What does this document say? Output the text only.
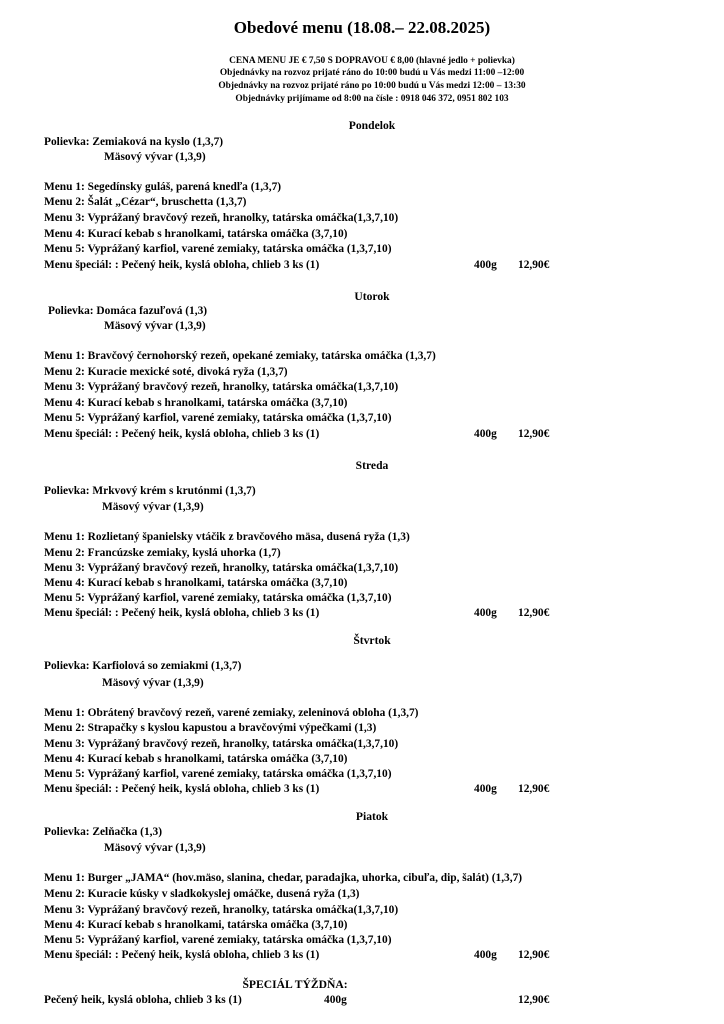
Obedové menu (18.08.– 22.08.2025)
CENA MENU JE € 7,50 S DOPRAVOU € 8,00 (hlavné jedlo + polievka)
Objednávky na rozvoz prijaté ráno do 10:00 budú u Vás medzi 11:00 –12:00
Objednávky na rozvoz prijaté ráno po 10:00 budú u Vás medzi 12:00 – 13:30
Objednávky prijímame od 8:00 na čísle : 0918 046 372, 0951 802 103
Pondelok
Polievka: Zemiaková na kyslo (1,3,7)
Mäsový vývar (1,3,9)
Menu 1: Segedínsky guláš, parená knedľa (1,3,7)
Menu 2: Šalát „Cézar“, bruschetta (1,3,7)
Menu 3: Vyprážaný bravčový rezeň, hranolky, tatárska omáčka(1,3,7,10)
Menu 4: Kurací kebab s hranolkami, tatárska omáčka (3,7,10)
Menu 5: Vyprážaný karfiol, varené zemiaky, tatárska omáčka (1,3,7,10)
Menu špeciál: : Pečený heik, kyslá obloha, chlieb 3 ks (1)	400g 12,90€
Utorok
Polievka: Domáca fazuľová (1,3)
Mäsový vývar (1,3,9)
Menu 1: Bravčový černohorský rezeň, opekané zemiaky, tatárska omáčka (1,3,7)
Menu 2: Kuracie mexické soté, divoká ryža (1,3,7)
Menu 3: Vyprážaný bravčový rezeň, hranolky, tatárska omáčka(1,3,7,10)
Menu 4: Kurací kebab s hranolkami, tatárska omáčka (3,7,10)
Menu 5: Vyprážaný karfiol, varené zemiaky, tatárska omáčka (1,3,7,10)
Menu špeciál: : Pečený heik, kyslá obloha, chlieb 3 ks (1)	400g 12,90€
Streda
Polievka: Mrkvový krém s krutónmi (1,3,7)
Mäsový vývar (1,3,9)
Menu 1: Rozlietaný španielsky vtáčik z bravčového mäsa, dusená ryža (1,3)
Menu 2: Francúzske zemiaky, kyslá uhorka (1,7)
Menu 3: Vyprážaný bravčový rezeň, hranolky, tatárska omáčka(1,3,7,10)
Menu 4: Kurací kebab s hranolkami, tatárska omáčka (3,7,10)
Menu 5: Vyprážaný karfiol, varené zemiaky, tatárska omáčka (1,3,7,10)
Menu špeciál: : Pečený heik, kyslá obloha, chlieb 3 ks (1)	400g 12,90€
Štvrtok
Polievka: Karfiolová so zemiakmi (1,3,7)
Mäsový vývar (1,3,9)
Menu 1: Obrátený bravčový rezeň, varené zemiaky, zeleninová obloha (1,3,7)
Menu 2: Strapačky s kyslou kapustou a bravčovými výpečkami (1,3)
Menu 3: Vyprážaný bravčový rezeň, hranolky, tatárska omáčka(1,3,7,10)
Menu 4: Kurací kebab s hranolkami, tatárska omáčka (3,7,10)
Menu 5: Vyprážaný karfiol, varené zemiaky, tatárska omáčka (1,3,7,10)
Menu špeciál: : Pečený heik, kyslá obloha, chlieb 3 ks (1)	400g 12,90€
Piatok
Polievka: Zelňačka (1,3)
Mäsový vývar (1,3,9)
Menu 1: Burger „JAMA“ (hov.mäso, slanina, chedar, paradajka, uhorka, cibuľa, dip, šalát) (1,3,7)
Menu 2: Kuracie kúsky v sladkokyslej omáčke, dusená ryža (1,3)
Menu 3: Vyprážaný bravčový rezeň, hranolky, tatárska omáčka(1,3,7,10)
Menu 4: Kurací kebab s hranolkami, tatárska omáčka (3,7,10)
Menu 5: Vyprážaný karfiol, varené zemiaky, tatárska omáčka (1,3,7,10)
Menu špeciál: : Pečený heik, kyslá obloha, chlieb 3 ks (1)	400g 12,90€
ŠPECIÁL TÝŽDŇA:
Pečený heik, kyslá obloha, chlieb 3 ks (1)	400g	12,90€
